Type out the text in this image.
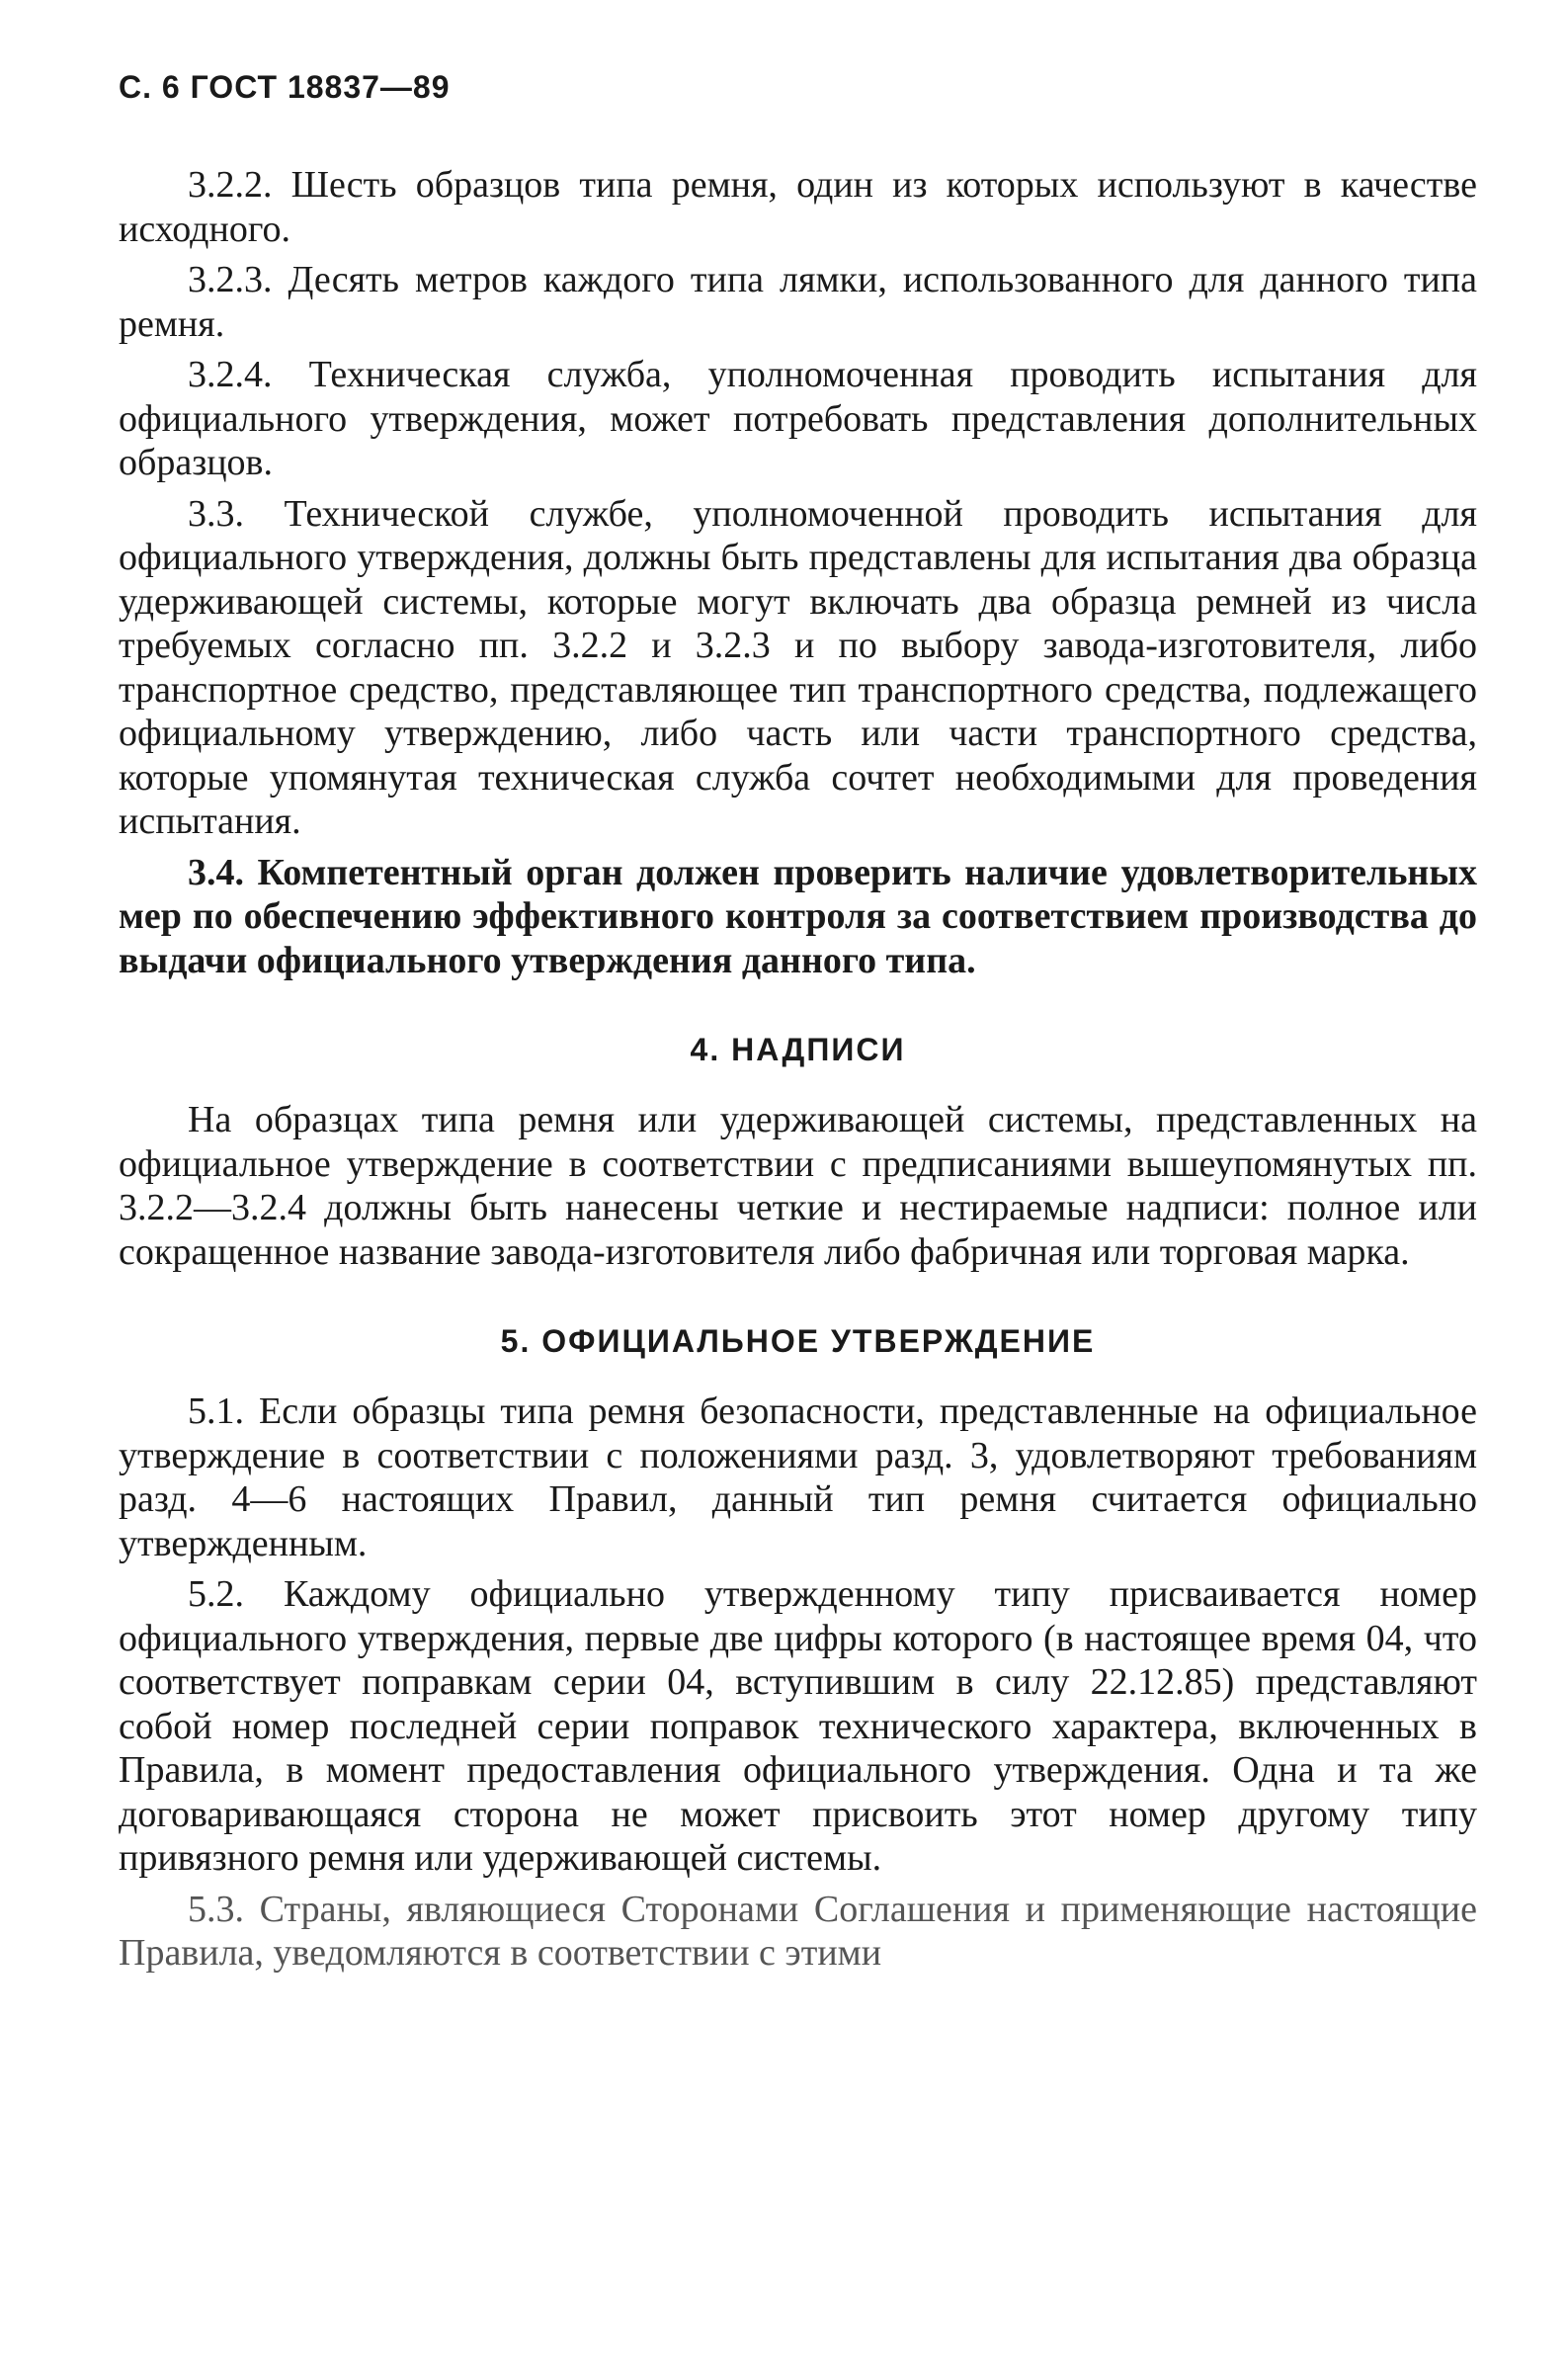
С. 6 ГОСТ 18837—89

3.2.2. Шесть образцов типа ремня, один из которых используют в качестве исходного.

3.2.3. Десять метров каждого типа лямки, использованного для данного типа ремня.

3.2.4. Техническая служба, уполномоченная проводить испытания для официального утверждения, может потребовать представления дополнительных образцов.

3.3. Технической службе, уполномоченной проводить испытания для официального утверждения, должны быть представлены для испытания два образца удерживающей системы, которые могут включать два образца ремней из числа требуемых согласно пп. 3.2.2 и 3.2.3 и по выбору завода-изготовителя, либо транспортное средство, представляющее тип транспортного средства, подлежащего официальному утверждению, либо часть или части транспортного средства, которые упомянутая техническая служба сочтет необходимыми для проведения испытания.

3.4. Компетентный орган должен проверить наличие удовлетворительных мер по обеспечению эффективного контроля за соответствием производства до выдачи официального утверждения данного типа.

4. НАДПИСИ

На образцах типа ремня или удерживающей системы, представленных на официальное утверждение в соответствии с предписаниями вышеупомянутых пп. 3.2.2—3.2.4 должны быть нанесены четкие и нестираемые надписи: полное или сокращенное название завода-изготовителя либо фабричная или торговая марка.

5. ОФИЦИАЛЬНОЕ УТВЕРЖДЕНИЕ

5.1. Если образцы типа ремня безопасности, представленные на официальное утверждение в соответствии с положениями разд. 3, удовлетворяют требованиям разд. 4—6 настоящих Правил, данный тип ремня считается официально утвержденным.

5.2. Каждому официально утвержденному типу присваивается номер официального утверждения, первые две цифры которого (в настоящее время 04, что соответствует поправкам серии 04, вступившим в силу 22.12.85) представляют собой номер последней серии поправок технического характера, включенных в Правила, в момент предоставления официального утверждения. Одна и та же договаривающаяся сторона не может присвоить этот номер другому типу привязного ремня или удерживающей системы.

5.3. Страны, являющиеся Сторонами Соглашения и применяющие настоящие Правила, уведомляются в соответствии с этими
